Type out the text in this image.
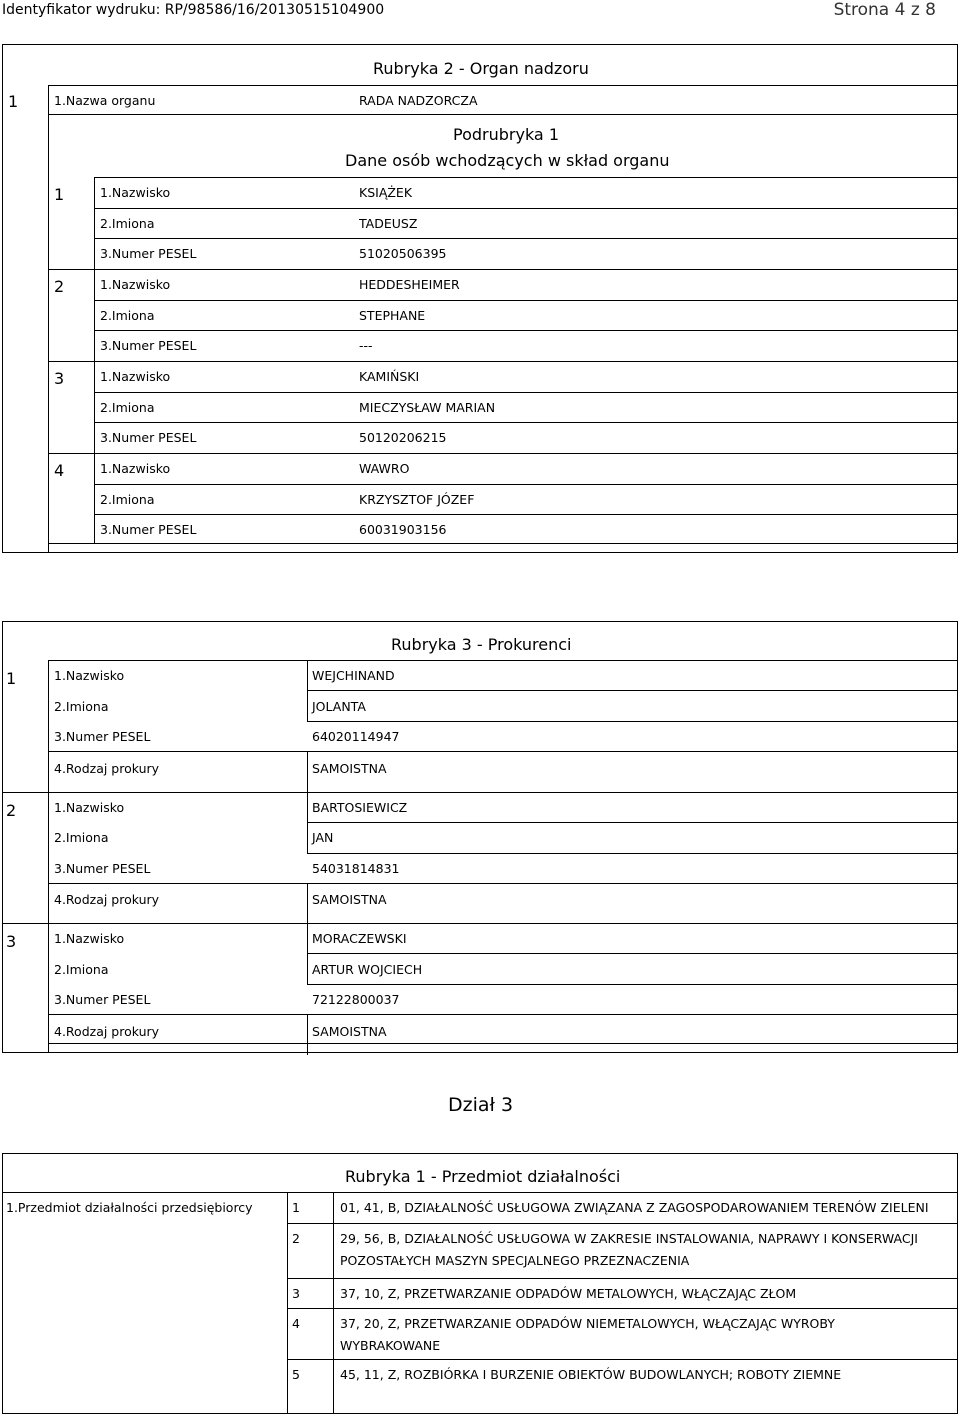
Identyfikator wydruku: RP/98586/16/20130515104900	Strona 4 z 8
Rubryka 2 - Organ nadzoru
1	1.Nazwa organu	RADA NADZORCZA
Podrubryka 1
Dane osób wchodzących w skład organu
1	1.Nazwisko	KSIĄŻEK
2.Imiona	TADEUSZ
3.Numer PESEL	51020506395
2	1.Nazwisko	HEDDESHEIMER
2.Imiona	STEPHANE
3.Numer PESEL	---
3	1.Nazwisko	KAMIŃSKI
2.Imiona	MIECZYSŁAW MARIAN
3.Numer PESEL	50120206215
4	1.Nazwisko	WAWRO
2.Imiona	KRZYSZTOF JÓZEF
3.Numer PESEL	60031903156
Rubryka 3 - Prokurenci
1	1.Nazwisko	WEJCHINAND
2.Imiona	JOLANTA
3.Numer PESEL	64020114947
4.Rodzaj prokury	SAMOISTNA
2	1.Nazwisko	BARTOSIEWICZ
2.Imiona	JAN
3.Numer PESEL	54031814831
4.Rodzaj prokury	SAMOISTNA
3	1.Nazwisko	MORACZEWSKI
2.Imiona	ARTUR WOJCIECH
3.Numer PESEL	72122800037
4.Rodzaj prokury	SAMOISTNA
Dział 3
Rubryka 1 - Przedmiot działalności
1.Przedmiot działalności przedsiębiorcy	1	01, 41, B, DZIAŁALNOŚĆ USŁUGOWA ZWIĄZANA Z ZAGOSPODAROWANIEM TERENÓW ZIELENI
2	29, 56, B, DZIAŁALNOŚĆ USŁUGOWA W ZAKRESIE INSTALOWANIA, NAPRAWY I KONSERWACJI
POZOSTAŁYCH MASZYN SPECJALNEGO PRZEZNACZENIA
3	37, 10, Z, PRZETWARZANIE ODPADÓW METALOWYCH, WŁĄCZAJĄC ZŁOM
4	37, 20, Z, PRZETWARZANIE ODPADÓW NIEMETALOWYCH, WŁĄCZAJĄC WYROBY
WYBRAKOWANE
5	45, 11, Z, ROZBIÓRKA I BURZENIE OBIEKTÓW BUDOWLANYCH; ROBOTY ZIEMNE
